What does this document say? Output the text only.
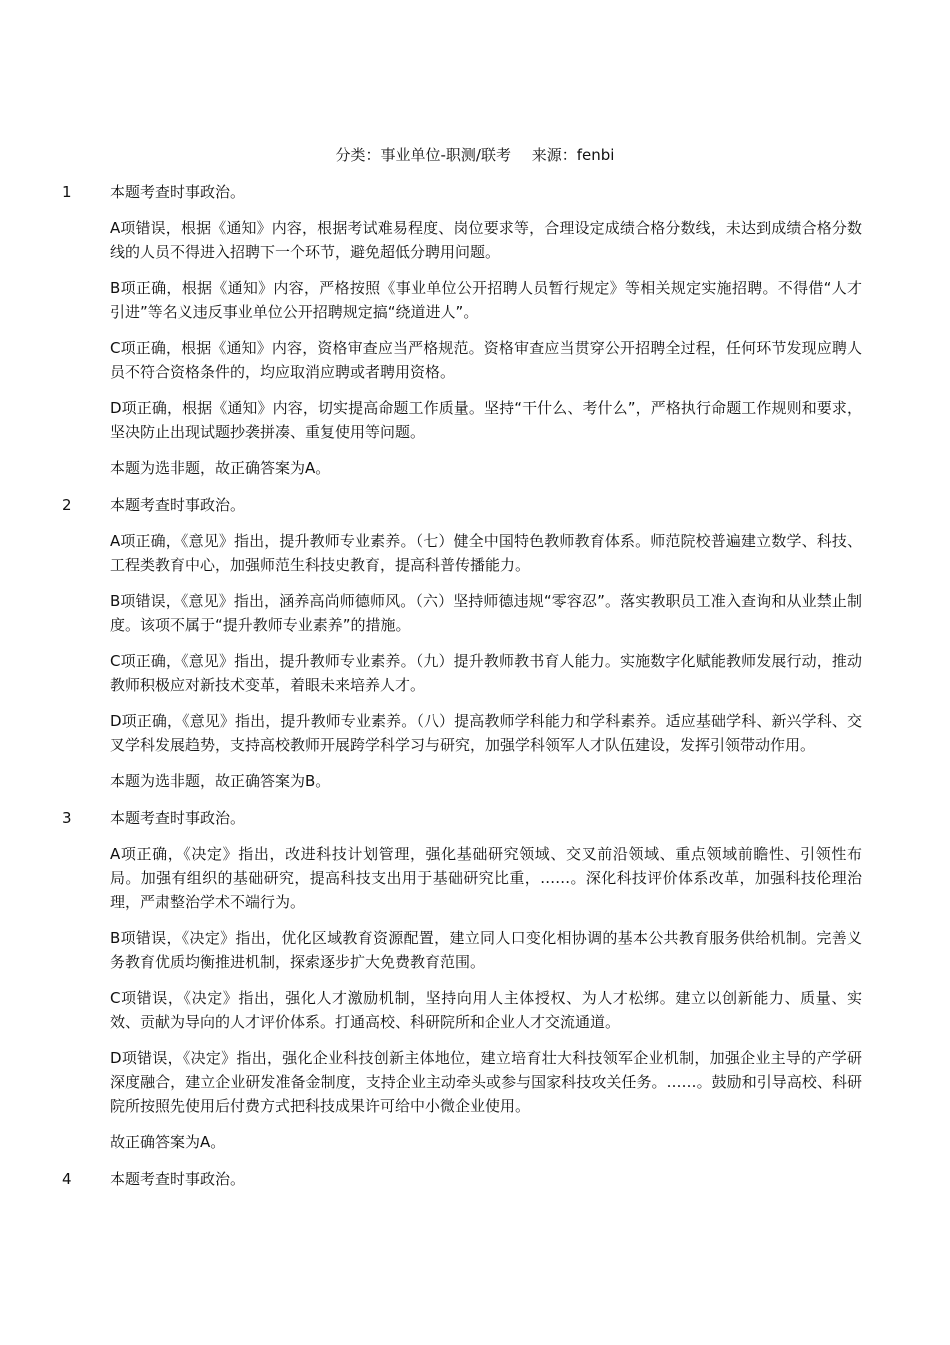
分类：事业单位-职测/联考 来源：fenbi
1	本题考查时事政治。
A项错误，根据《通知》内容，根据考试难易程度、岗位要求等，合理设定成绩合格分数线，未达到成绩合格分数线的人员不得进入招聘下一个环节，避免超低分聘用问题。
B项正确，根据《通知》内容，严格按照《事业单位公开招聘人员暂行规定》等相关规定实施招聘。不得借“人才引进”等名义违反事业单位公开招聘规定搞“绕道进人”。
C项正确，根据《通知》内容，资格审查应当严格规范。资格审查应当贯穿公开招聘全过程，任何环节发现应聘人员不符合资格条件的，均应取消应聘或者聘用资格。
D项正确，根据《通知》内容，切实提高命题工作质量。坚持“干什么、考什么”，严格执行命题工作规则和要求，坚决防止出现试题抄袭拼凑、重复使用等问题。
本题为选非题，故正确答案为A。
2	本题考查时事政治。
A项正确，《意见》指出，提升教师专业素养。（七）健全中国特色教师教育体系。师范院校普遍建立数学、科技、工程类教育中心，加强师范生科技史教育，提高科普传播能力。
B项错误，《意见》指出，涵养高尚师德师风。（六）坚持师德违规“零容忍”。落实教职员工准入查询和从业禁止制度。该项不属于“提升教师专业素养”的措施。
C项正确，《意见》指出，提升教师专业素养。（九）提升教师教书育人能力。实施数字化赋能教师发展行动，推动教师积极应对新技术变革，着眼未来培养人才。
D项正确，《意见》指出，提升教师专业素养。（八）提高教师学科能力和学科素养。适应基础学科、新兴学科、交叉学科发展趋势，支持高校教师开展跨学科学习与研究，加强学科领军人才队伍建设，发挥引领带动作用。
本题为选非题，故正确答案为B。
3	本题考查时事政治。
A项正确，《决定》指出，改进科技计划管理，强化基础研究领域、交叉前沿领域、重点领域前瞻性、引领性布局。加强有组织的基础研究，提高科技支出用于基础研究比重，……。深化科技评价体系改革，加强科技伦理治理，严肃整治学术不端行为。
B项错误，《决定》指出，优化区域教育资源配置，建立同人口变化相协调的基本公共教育服务供给机制。完善义务教育优质均衡推进机制，探索逐步扩大免费教育范围。
C项错误，《决定》指出，强化人才激励机制，坚持向用人主体授权、为人才松绑。建立以创新能力、质量、实效、贡献为导向的人才评价体系。打通高校、科研院所和企业人才交流通道。
D项错误，《决定》指出，强化企业科技创新主体地位，建立培育壮大科技领军企业机制，加强企业主导的产学研深度融合，建立企业研发准备金制度，支持企业主动牵头或参与国家科技攻关任务。……。鼓励和引导高校、科研院所按照先使用后付费方式把科技成果许可给中小微企业使用。
故正确答案为A。
4	本题考查时事政治。
